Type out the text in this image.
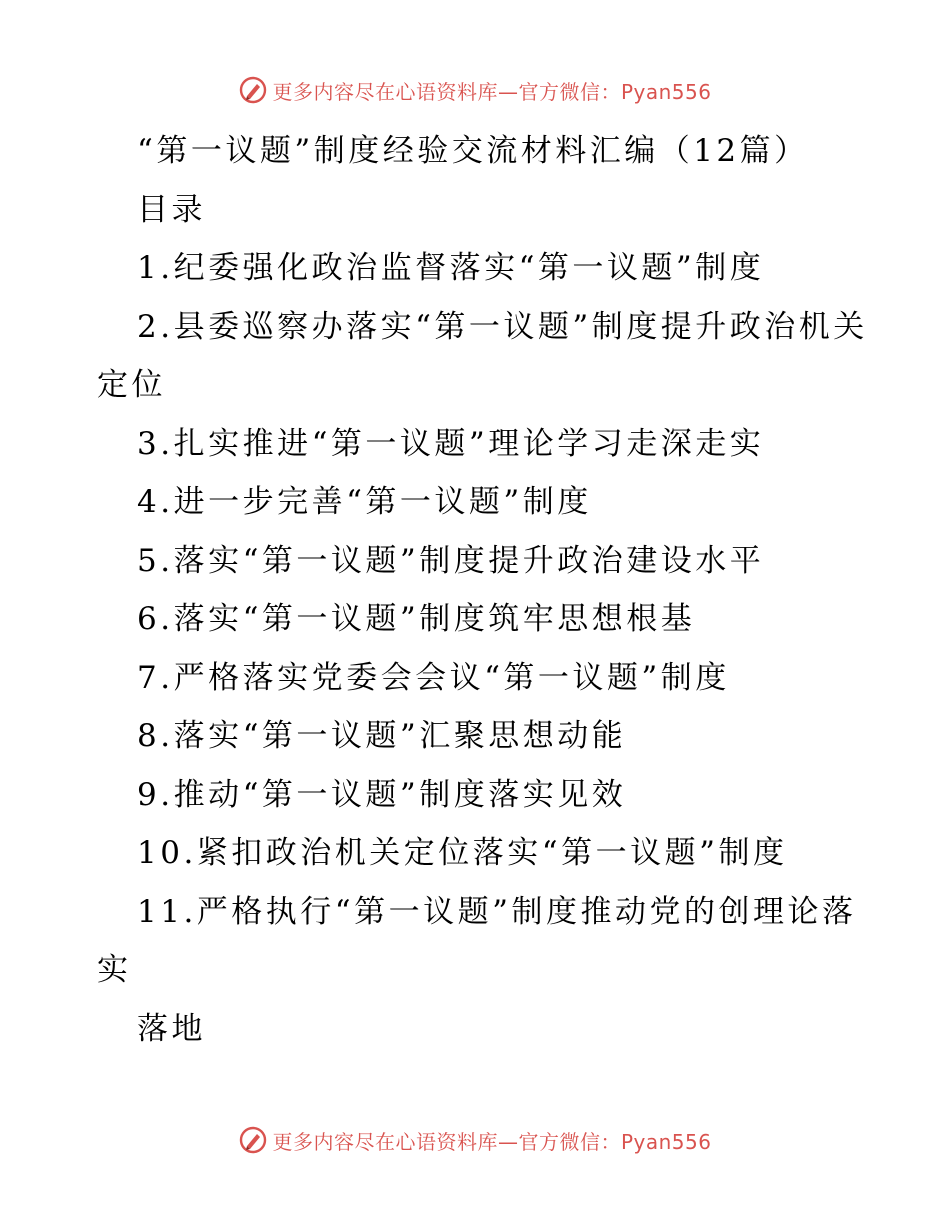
更多内容尽在心语资料库—官方微信：Pyan556

“第一议题”制度经验交流材料汇编（12篇）

目录

1.纪委强化政治监督落实“第一议题”制度

2.县委巡察办落实“第一议题”制度提升政治机关定位

3.扎实推进“第一议题”理论学习走深走实

4.进一步完善“第一议题”制度

5.落实“第一议题”制度提升政治建设水平

6.落实“第一议题”制度筑牢思想根基

7.严格落实党委会会议“第一议题”制度

8.落实“第一议题”汇聚思想动能

9.推动“第一议题”制度落实见效

10.紧扣政治机关定位落实“第一议题”制度

11.严格执行“第一议题”制度推动党的创理论落实

落地

更多内容尽在心语资料库—官方微信：Pyan556
